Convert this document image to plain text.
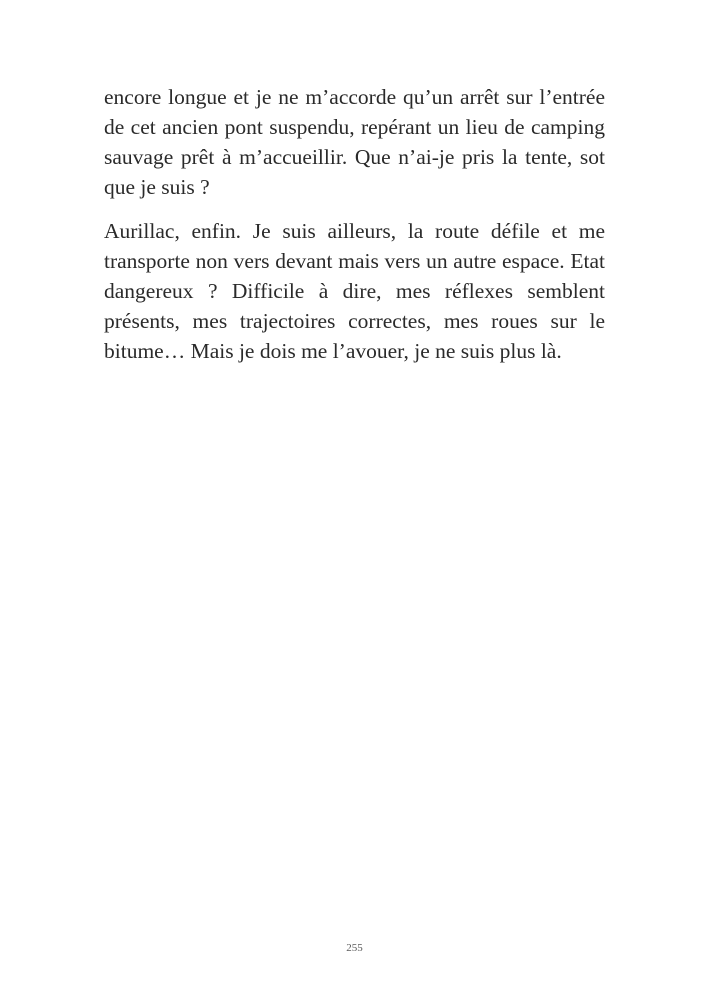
encore longue et je ne m’accorde qu’un arrêt sur l’entrée de cet ancien pont suspendu, repérant un lieu de camping sauvage prêt à m’accueillir. Que n’ai-je pris la tente, sot que je suis ?

Aurillac, enfin. Je suis ailleurs, la route défile et me transporte non vers devant mais vers un autre espace. Etat dangereux ? Difficile à dire, mes réflexes semblent présents, mes trajectoires correctes, mes roues sur le bitume… Mais je dois me l’avouer, je ne suis plus là.

255
